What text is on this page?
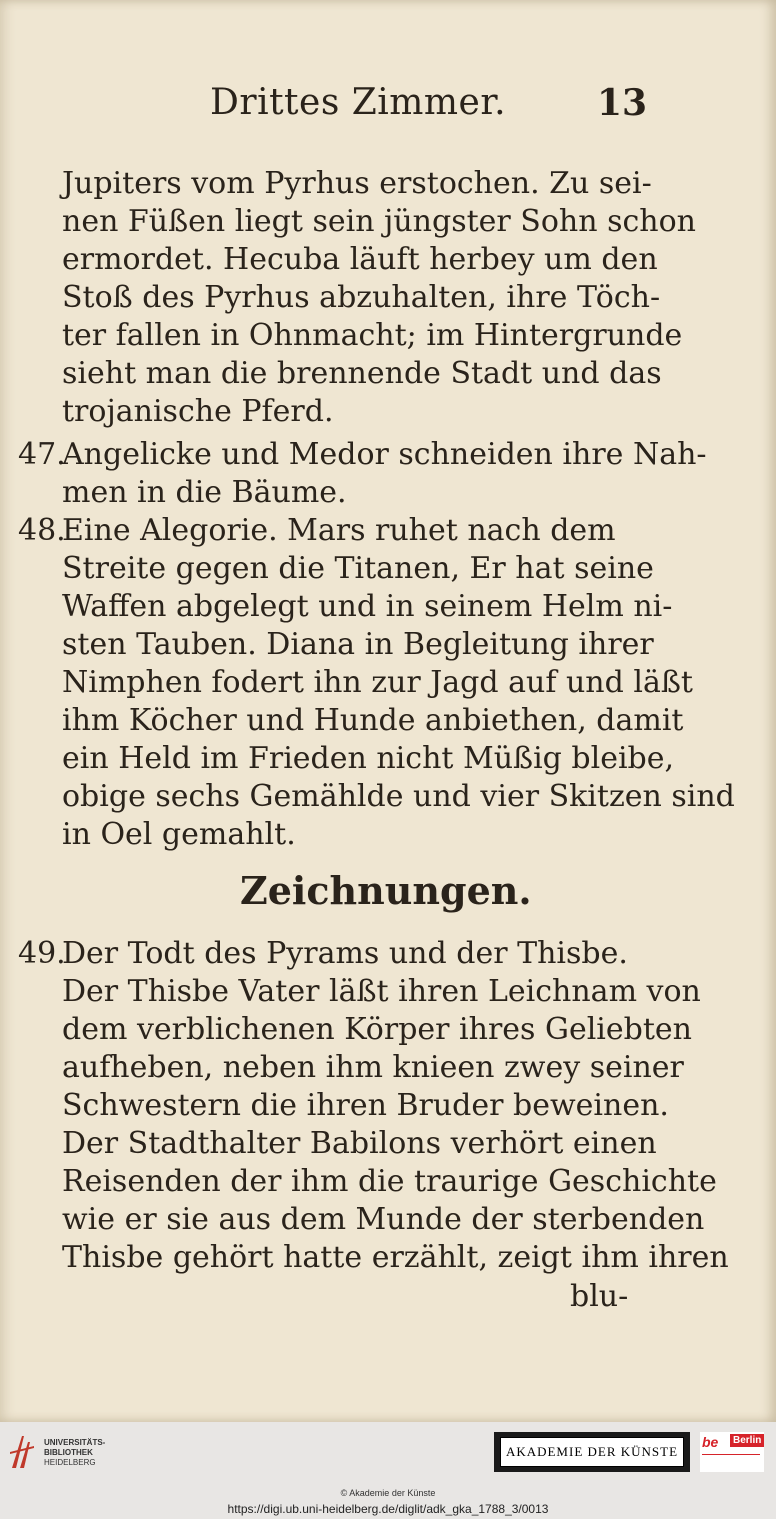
Drittes Zimmer.	13
Jupiters vom Pyrhus erstochen. Zu sei-
nen Füßen liegt sein jüngster Sohn schon
ermordet. Hecuba läuft herbey um den
Stoß des Pyrhus abzuhalten, ihre Töch-
ter fallen in Ohnmacht; im Hintergrunde
sieht man die brennende Stadt und das
trojanische Pferd.
47.
Angelicke und Medor schneiden ihre Nah-
men in die Bäume.
48.
Eine Alegorie. Mars ruhet nach dem
Streite gegen die Titanen, Er hat seine
Waffen abgelegt und in seinem Helm ni-
sten Tauben. Diana in Begleitung ihrer
Nimphen fodert ihn zur Jagd auf und läßt
ihm Köcher und Hunde anbiethen, damit
ein Held im Frieden nicht Müßig bleibe,
obige sechs Gemählde und vier Skitzen sind
in Oel gemahlt.
Zeichnungen.
49.
Der Todt des Pyrams und der Thisbe.
Der Thisbe Vater läßt ihren Leichnam von
dem verblichenen Körper ihres Geliebten
aufheben, neben ihm knieen zwey seiner
Schwestern die ihren Bruder beweinen.
Der Stadthalter Babilons verhört einen
Reisenden der ihm die traurige Geschichte
wie er sie aus dem Munde der sterbenden
Thisbe gehört hatte erzählt, zeigt ihm ihren
blu-
UNIVERSITÄTS-
BIBLIOTHEK
HEIDELBERG
AKADEMIE DER KÜNSTE
be	Berlin
© Akademie der Künste
https://digi.ub.uni-heidelberg.de/diglit/adk_gka_1788_3/0013
